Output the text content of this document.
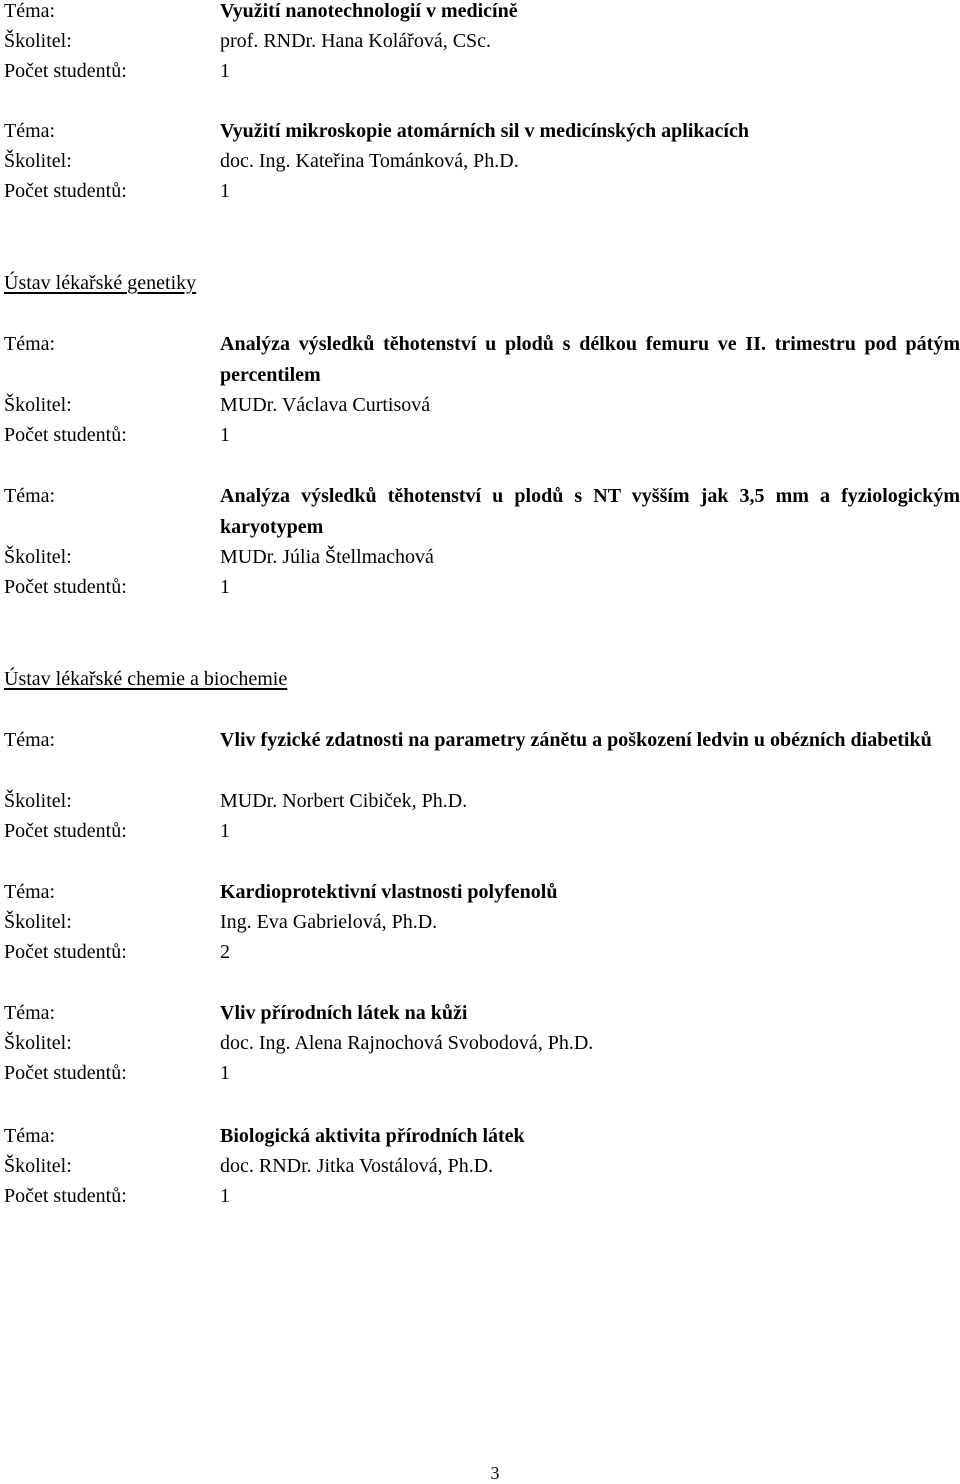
Téma:	Využití nanotechnologií v medicíně
Školitel:	prof. RNDr. Hana Kolářová, CSc.
Počet studentů:	1
Téma:	Využití mikroskopie atomárních sil v medicínských aplikacích
Školitel:	doc. Ing. Kateřina Tománková, Ph.D.
Počet studentů:	1
Ústav lékařské genetiky
Téma:	Analýza výsledků těhotenství u plodů s délkou femuru ve II. trimestru pod pátým percentilem
Školitel:	MUDr. Václava Curtisová
Počet studentů:	1
Téma:	Analýza výsledků těhotenství u plodů s NT vyšším jak 3,5 mm a fyziologickým karyotypem
Školitel:	MUDr. Júlia Štellmachová
Počet studentů:	1
Ústav lékařské chemie a biochemie
Téma:	Vliv fyzické zdatnosti na parametry zánětu a poškození ledvin u obézních diabetiků
Školitel:	MUDr. Norbert Cibiček, Ph.D.
Počet studentů:	1
Téma:	Kardioprotektivní vlastnosti polyfenolů
Školitel:	Ing. Eva Gabrielová, Ph.D.
Počet studentů:	2
Téma:	Vliv přírodních látek na kůži
Školitel:	doc. Ing. Alena Rajnochová Svobodová, Ph.D.
Počet studentů:	1
Téma:	Biologická aktivita přírodních látek
Školitel:	doc. RNDr. Jitka Vostálová, Ph.D.
Počet studentů:	1
3
